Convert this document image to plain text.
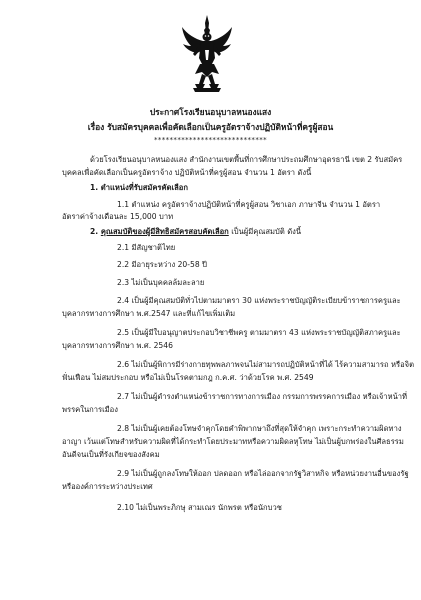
ประกาศโรงเรียนอนุบาลหนองแสง
เรื่อง รับสมัครบุคคลเพื่อคัดเลือกเป็นครูอัตราจ้างปฏิบัติหน้าที่ครูผู้สอน
*****************************
ด้วยโรงเรียนอนุบาลหนองแสง สำนักงานเขตพื้นที่การศึกษาประถมศึกษาอุดรธานี เขต 2 รับสมัคร
บุคคลเพื่อคัดเลือกเป็นครูอัตราจ้าง ปฏิบัติหน้าที่ครูผู้สอน จำนวน 1 อัตรา ดังนี้
1. ตำแหน่งที่รับสมัครคัดเลือก
1.1 ตำแหน่ง ครูอัตราจ้างปฏิบัติหน้าที่ครูผู้สอน วิชาเอก ภาษาจีน จำนวน 1 อัตรา
อัตราค่าจ้างเดือนละ 15,000 บาท
2. คุณสมบัติของผู้มีสิทธิสมัครสอบคัดเลือก เป็นผู้มีคุณสมบัติ ดังนี้
2.1 มีสัญชาติไทย
2.2 มีอายุระหว่าง 20-58 ปี
2.3 ไม่เป็นบุคคลล้มละลาย
2.4 เป็นผู้มีคุณสมบัติทั่วไปตามมาตรา 30 แห่งพระราชบัญญัติระเบียบข้าราชการครูและ
บุคลากรทางการศึกษา พ.ศ.2547 และที่แก้ไขเพิ่มเติม
2.5 เป็นผู้มีใบอนุญาตประกอบวิชาชีพครู ตามมาตรา 43 แห่งพระราชบัญญัติสภาครูและ
บุคลากรทางการศึกษา พ.ศ. 2546
2.6 ไม่เป็นผู้พิการมีร่างกายทุพพลภาพจนไม่สามารถปฏิบัติหน้าที่ได้ ไร้ความสามารถ หรือจิต
ฟั่นเฟือน ไม่สมประกอบ หรือไม่เป็นโรคตามกฎ ก.ค.ศ. ว่าด้วยโรค พ.ศ. 2549
2.7 ไม่เป็นผู้ดำรงตำแหน่งข้าราชการทางการเมือง กรรมการพรรคการเมือง หรือเจ้าหน้าที่
พรรคในการเมือง
2.8 ไม่เป็นผู้เคยต้องโทษจำคุกโดยคำพิพากษาถึงที่สุดให้จำคุก เพราะกระทำความผิดทาง
อาญา เว้นแต่โทษสำหรับความผิดที่ได้กระทำโดยประมาทหรือความผิดลหุโทษ ไม่เป็นผู้บกพร่องในศีลธรรม
อันดีจนเป็นที่รังเกียจของสังคม
2.9 ไม่เป็นผู้ถูกลงโทษให้ออก ปลดออก หรือไล่ออกจากรัฐวิสาหกิจ หรือหน่วยงานอื่นของรัฐ
หรือองค์การระหว่างประเทศ
2.10 ไม่เป็นพระภิกษุ สามเณร นักพรต หรือนักบวช
